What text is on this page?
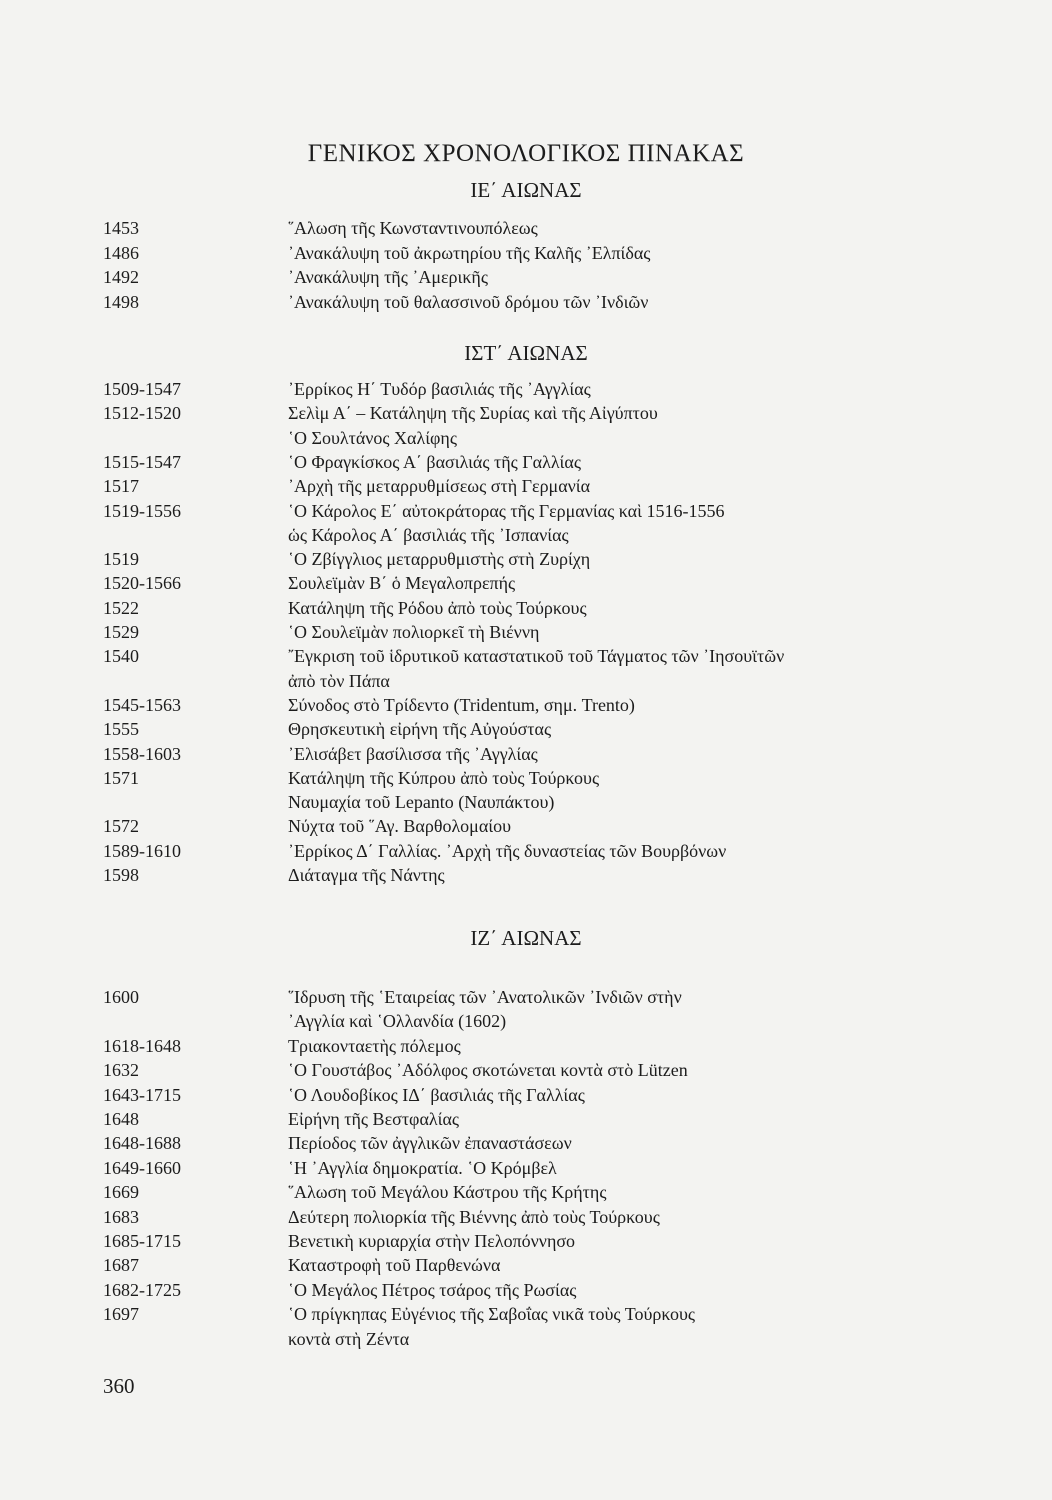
ΓΕΝΙΚΟΣ ΧΡΟΝΟΛΟΓΙΚΟΣ ΠΙΝΑΚΑΣ
ΙΕ΄ ΑΙΩΝΑΣ
1453	῞Αλωση τῆς Κωνσταντινουπόλεως
1486	᾿Ανακάλυψη τοῦ ἀκρωτηρίου τῆς Καλῆς ᾿Ελπίδας
1492	᾿Ανακάλυψη τῆς ᾿Αμερικῆς
1498	᾿Ανακάλυψη τοῦ θαλασσινοῦ δρόμου τῶν ᾿Ινδιῶν
ΙΣΤ΄ ΑΙΩΝΑΣ
1509-1547	᾿Ερρίκος Η΄ Τυδόρ βασιλιάς τῆς ᾿Αγγλίας
1512-1520	Σελὶμ Α΄ – Κατάληψη τῆς Συρίας καὶ τῆς Αἰγύπτου
῾Ο Σουλτάνος Χαλίφης
1515-1547	῾Ο Φραγκίσκος Α΄ βασιλιάς τῆς Γαλλίας
1517	᾿Αρχὴ τῆς μεταρρυθμίσεως στὴ Γερμανία
1519-1556	῾Ο Κάρολος Ε΄ αὐτοκράτορας τῆς Γερμανίας καὶ 1516-1556
ὡς Κάρολος Α΄ βασιλιάς τῆς ᾿Ισπανίας
1519	῾Ο Ζβίγγλιος μεταρρυθμιστὴς στὴ Ζυρίχη
1520-1566	Σουλεϊμὰν Β΄ ὁ Μεγαλοπρεπής
1522	Κατάληψη τῆς Ρόδου ἀπὸ τοὺς Τούρκους
1529	῾Ο Σουλεϊμὰν πολιορκεῖ τὴ Βιέννη
1540	῎Εγκριση τοῦ ἱδρυτικοῦ καταστατικοῦ τοῦ Τάγματος τῶν ᾿Ιησουϊτῶν
ἀπὸ τὸν Πάπα
1545-1563	Σύνοδος στὸ Τρίδεντο (Tridentum, σημ. Trento)
1555	Θρησκευτικὴ εἰρήνη τῆς Αὐγούστας
1558-1603	᾿Ελισάβετ βασίλισσα τῆς ᾿Αγγλίας
1571	Κατάληψη τῆς Κύπρου ἀπὸ τοὺς Τούρκους
Ναυμαχία τοῦ Lepanto (Ναυπάκτου)
1572	Νύχτα τοῦ ῞Αγ. Βαρθολομαίου
1589-1610	᾿Ερρίκος Δ΄ Γαλλίας. ᾿Αρχὴ τῆς δυναστείας τῶν Βουρβόνων
1598	Διάταγμα τῆς Νάντης
ΙΖ΄ ΑΙΩΝΑΣ
1600	῞Ιδρυση τῆς ῾Εταιρείας τῶν ᾿Ανατολικῶν ᾿Ινδιῶν στὴν
᾿Αγγλία καὶ ῾Ολλανδία (1602)
1618-1648	Τριακονταετὴς πόλεμος
1632	῾Ο Γουστάβος ᾿Αδόλφος σκοτώνεται κοντὰ στὸ Lützen
1643-1715	῾Ο Λουδοβίκος ΙΔ΄ βασιλιάς τῆς Γαλλίας
1648	Εἰρήνη τῆς Βεστφαλίας
1648-1688	Περίοδος τῶν ἀγγλικῶν ἐπαναστάσεων
1649-1660	῾Η ᾿Αγγλία δημοκρατία. ῾Ο Κρόμβελ
1669	῞Αλωση τοῦ Μεγάλου Κάστρου τῆς Κρήτης
1683	Δεύτερη πολιορκία τῆς Βιέννης ἀπὸ τοὺς Τούρκους
1685-1715	Βενετικὴ κυριαρχία στὴν Πελοπόννησο
1687	Καταστροφὴ τοῦ Παρθενώνα
1682-1725	῾Ο Μεγάλος Πέτρος τσάρος τῆς Ρωσίας
1697	῾Ο πρίγκηπας Εὐγένιος τῆς Σαβοΐας νικᾶ τοὺς Τούρκους
κοντὰ στὴ Ζέντα
360
